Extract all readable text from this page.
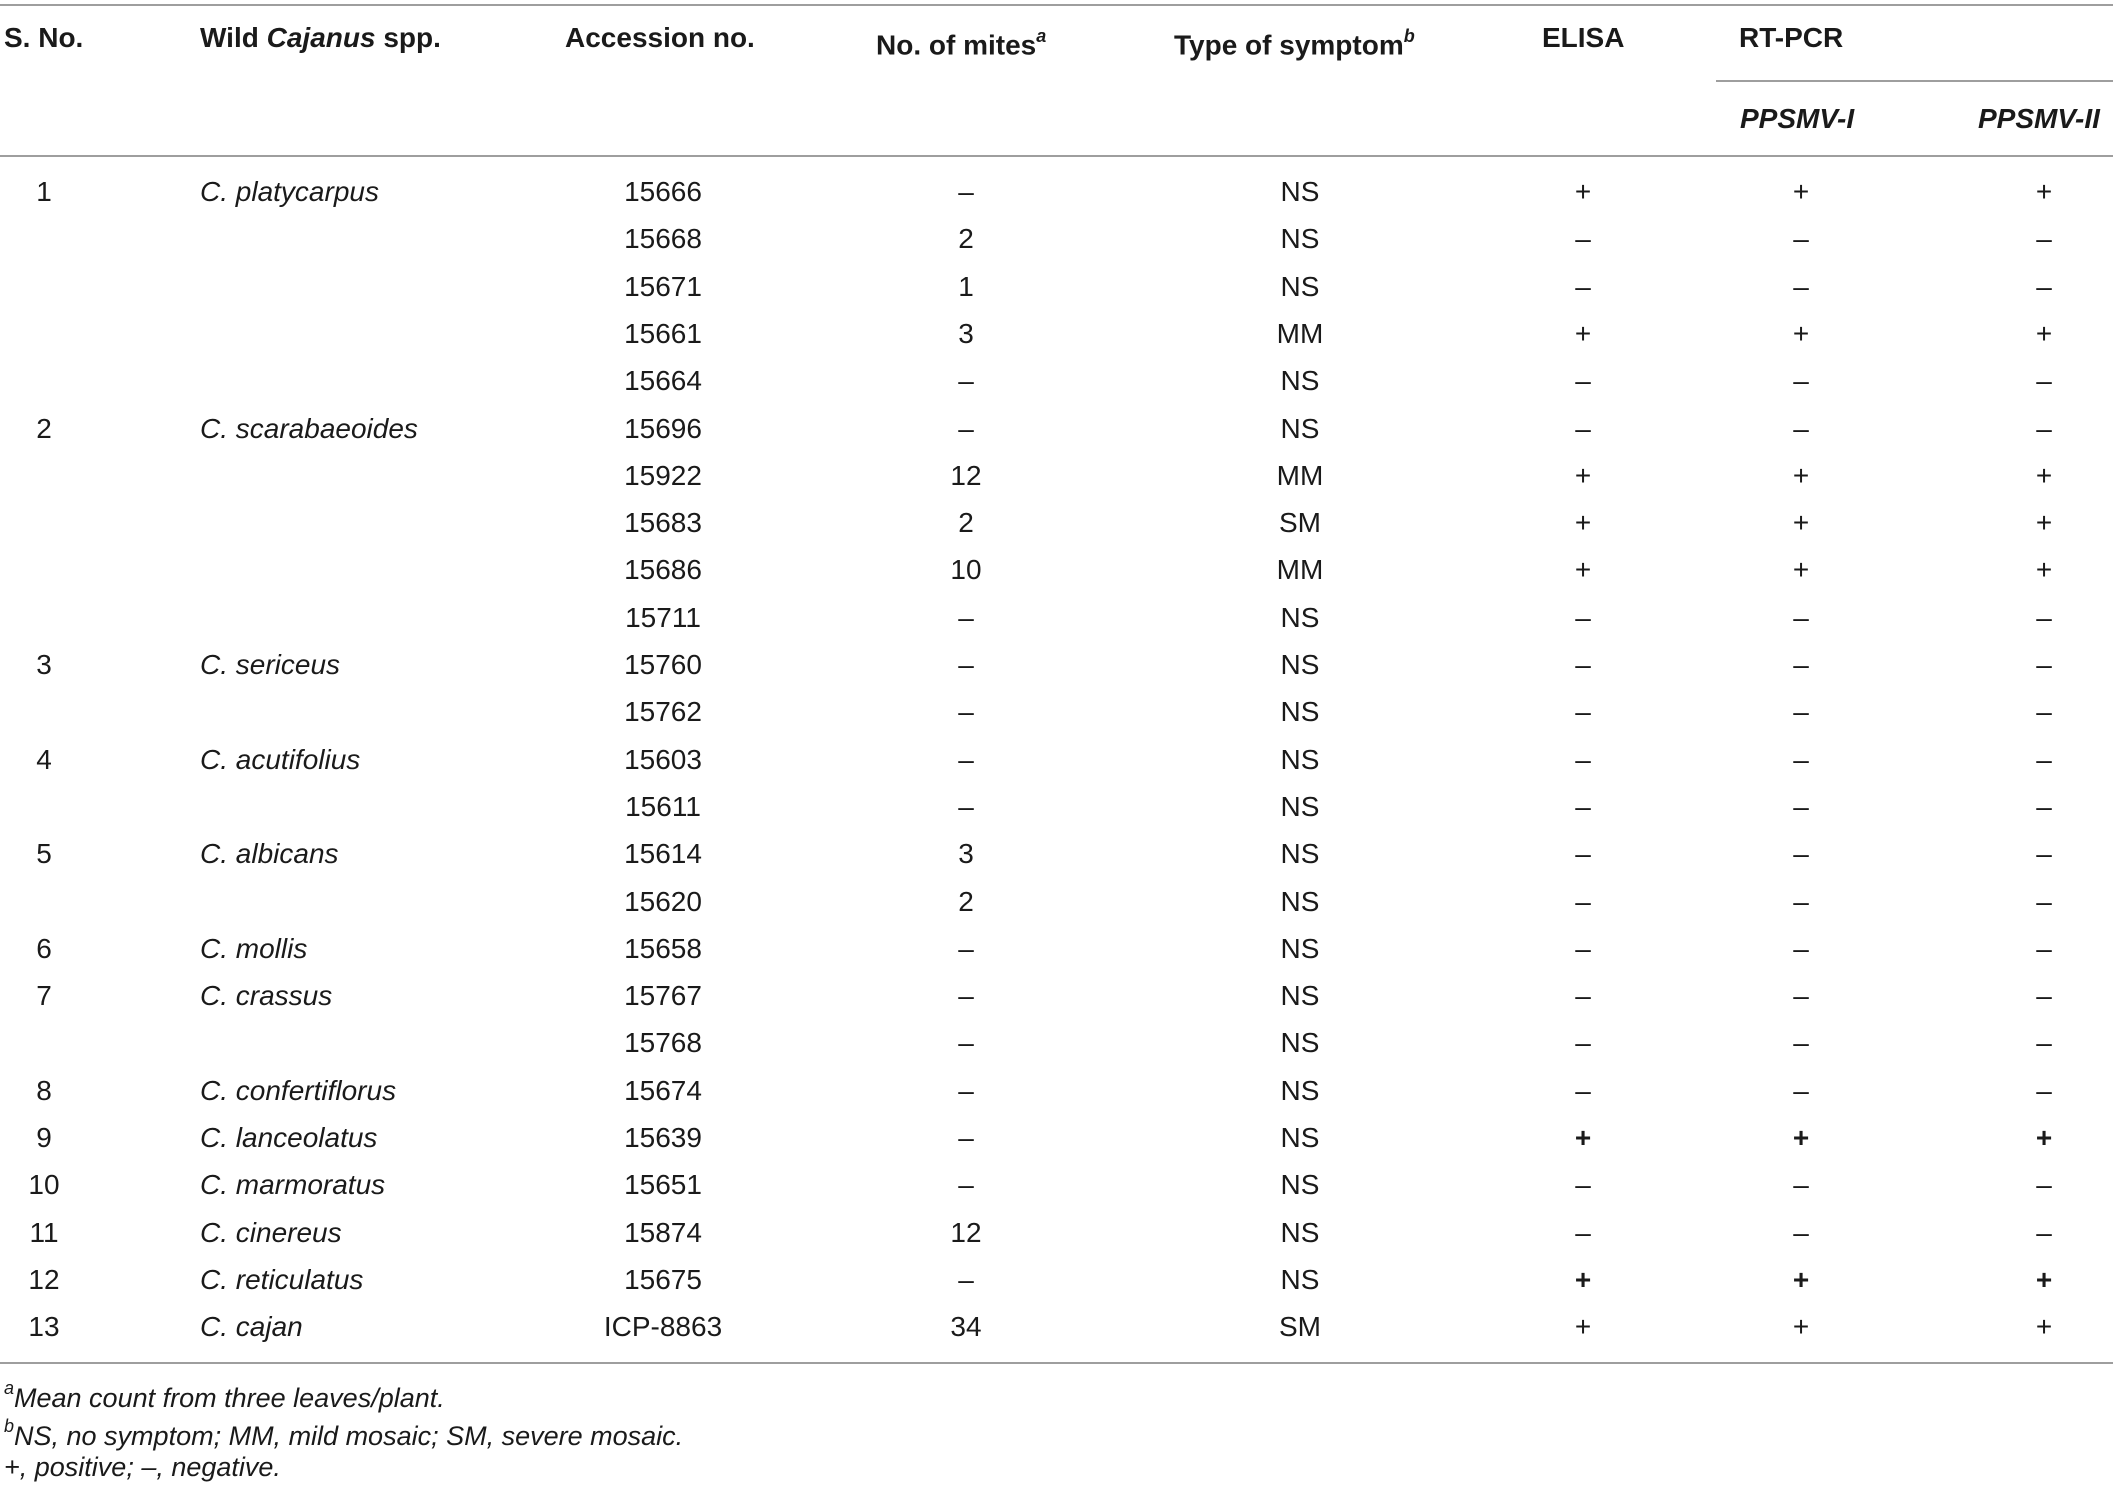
S. No.	Wild Cajanus spp.	Accession no.	No. of mites$^a$	Type of symptom$^b$	ELISA	RT-PCR
PPSMV-I	PPSMV-II
1	C. platycarpus	15666	–	NS	+	+	+
15668	2	NS	–	–	–
15671	1	NS	–	–	–
15661	3	MM	+	+	+
15664	–	NS	–	–	–
2	C. scarabaeoides	15696	–	NS	–	–	–
15922	12	MM	+	+	+
15683	2	SM	+	+	+
15686	10	MM	+	+	+
15711	–	NS	–	–	–
3	C. sericeus	15760	–	NS	–	–	–
15762	–	NS	–	–	–
4	C. acutifolius	15603	–	NS	–	–	–
15611	–	NS	–	–	–
5	C. albicans	15614	3	NS	–	–	–
15620	2	NS	–	–	–
6	C. mollis	15658	–	NS	–	–	–
7	C. crassus	15767	–	NS	–	–	–
15768	–	NS	–	–	–
8	C. confertiflorus	15674	–	NS	–	–	–
9	C. lanceolatus	15639	–	NS	+	+	+
10	C. marmoratus	15651	–	NS	–	–	–
11	C. cinereus	15874	12	NS	–	–	–
12	C. reticulatus	15675	–	NS	+	+	+
13	C. cajan	ICP-8863	34	SM	+	+	+
$^a$Mean count from three leaves/plant.
$^b$NS, no symptom; MM, mild mosaic; SM, severe mosaic.
+, positive; –, negative.
